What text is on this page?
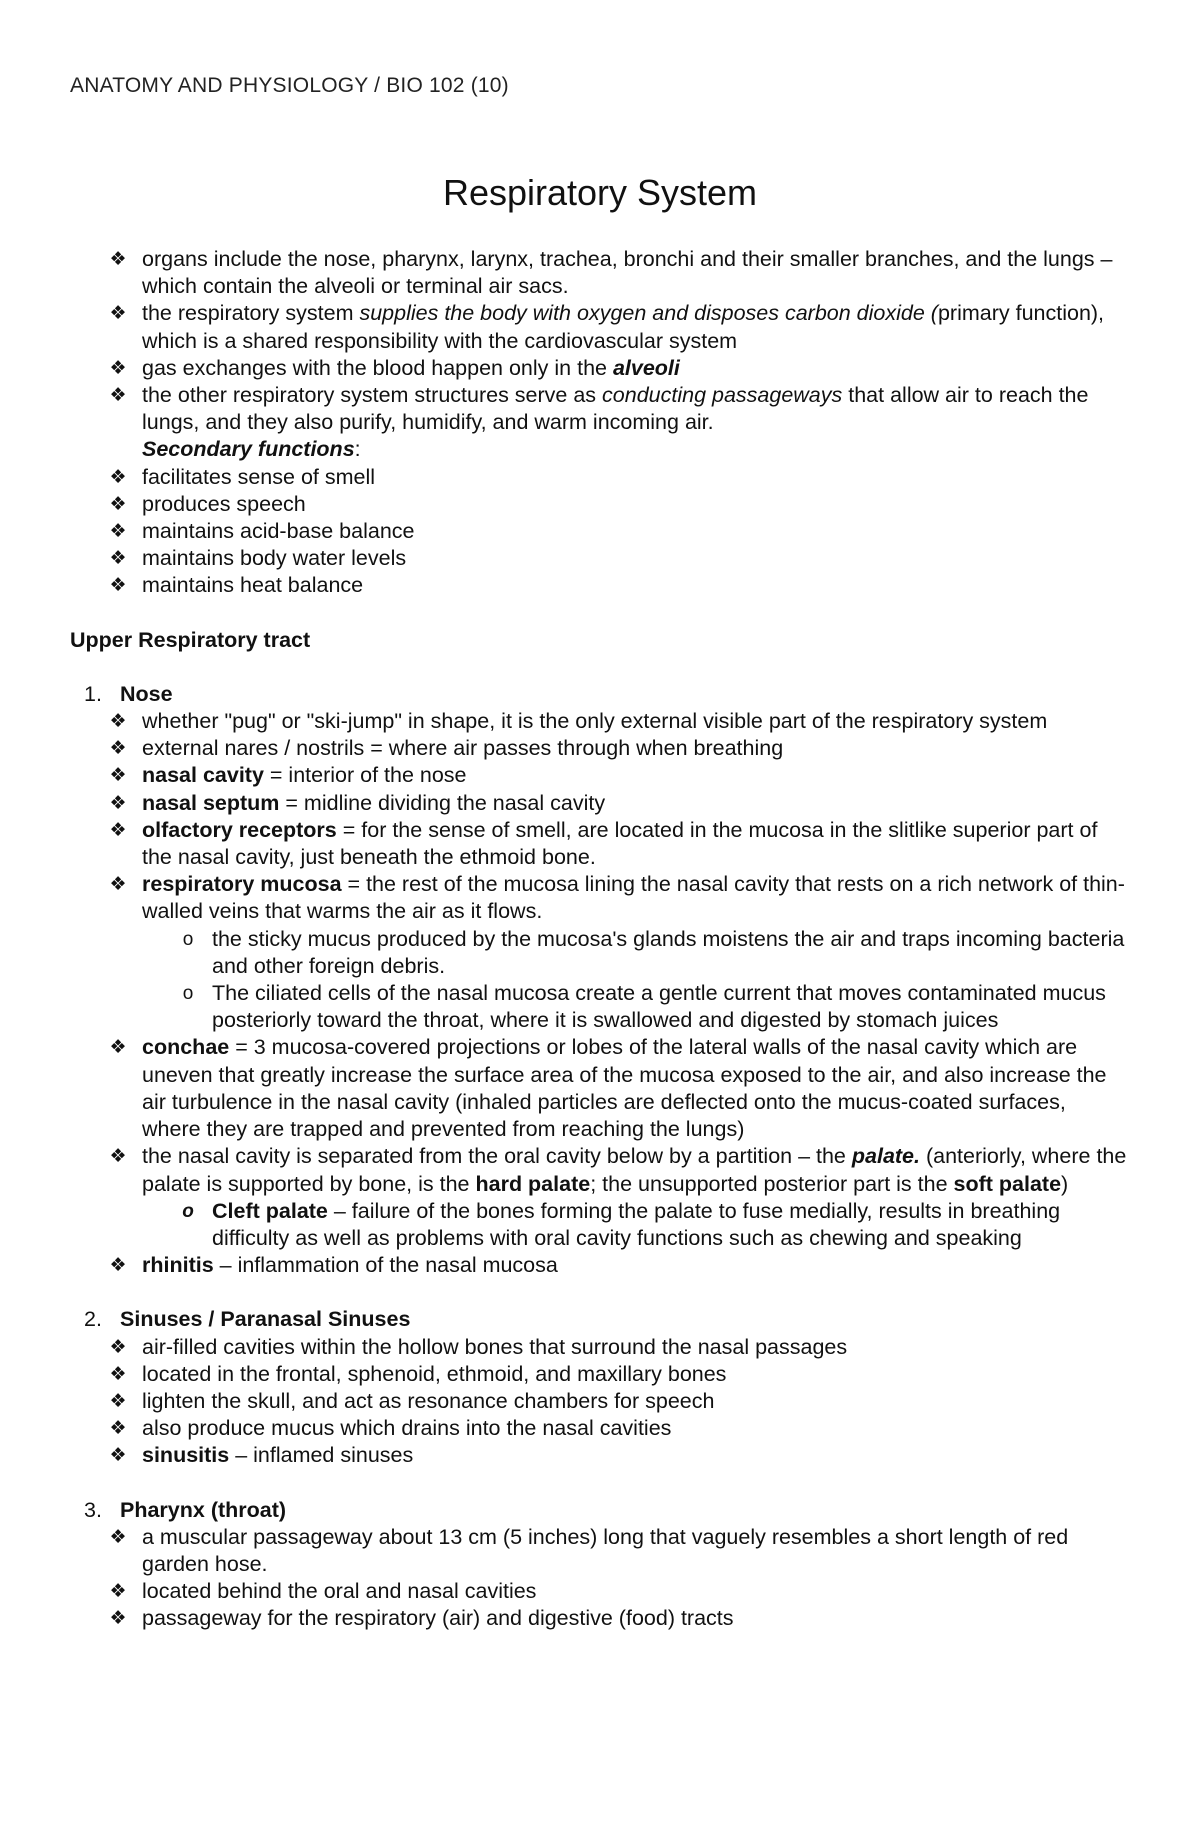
ANATOMY AND PHYSIOLOGY / BIO 102 (10)
Respiratory System
❖ organs include the nose, pharynx, larynx, trachea, bronchi and their smaller branches, and the lungs – which contain the alveoli or terminal air sacs.
❖ the respiratory system supplies the body with oxygen and disposes carbon dioxide (primary function), which is a shared responsibility with the cardiovascular system
❖ gas exchanges with the blood happen only in the alveoli
❖ the other respiratory system structures serve as conducting passageways that allow air to reach the lungs, and they also purify, humidify, and warm incoming air.
Secondary functions:
❖ facilitates sense of smell
❖ produces speech
❖ maintains acid-base balance
❖ maintains body water levels
❖ maintains heat balance
Upper Respiratory tract
1. Nose
❖ whether "pug" or "ski-jump" in shape, it is the only external visible part of the respiratory system
❖ external nares / nostrils = where air passes through when breathing
❖ nasal cavity = interior of the nose
❖ nasal septum = midline dividing the nasal cavity
❖ olfactory receptors = for the sense of smell, are located in the mucosa in the slitlike superior part of the nasal cavity, just beneath the ethmoid bone.
❖ respiratory mucosa = the rest of the mucosa lining the nasal cavity that rests on a rich network of thin-walled veins that warms the air as it flows.
o the sticky mucus produced by the mucosa's glands moistens the air and traps incoming bacteria and other foreign debris.
o The ciliated cells of the nasal mucosa create a gentle current that moves contaminated mucus posteriorly toward the throat, where it is swallowed and digested by stomach juices
❖ conchae = 3 mucosa-covered projections or lobes of the lateral walls of the nasal cavity which are uneven that greatly increase the surface area of the mucosa exposed to the air, and also increase the air turbulence in the nasal cavity (inhaled particles are deflected onto the mucus-coated surfaces, where they are trapped and prevented from reaching the lungs)
❖ the nasal cavity is separated from the oral cavity below by a partition – the palate. (anteriorly, where the palate is supported by bone, is the hard palate; the unsupported posterior part is the soft palate)
o Cleft palate – failure of the bones forming the palate to fuse medially, results in breathing difficulty as well as problems with oral cavity functions such as chewing and speaking
❖ rhinitis – inflammation of the nasal mucosa
2. Sinuses / Paranasal Sinuses
❖ air-filled cavities within the hollow bones that surround the nasal passages
❖ located in the frontal, sphenoid, ethmoid, and maxillary bones
❖ lighten the skull, and act as resonance chambers for speech
❖ also produce mucus which drains into the nasal cavities
❖ sinusitis – inflamed sinuses
3. Pharynx (throat)
❖ a muscular passageway about 13 cm (5 inches) long that vaguely resembles a short length of red garden hose.
❖ located behind the oral and nasal cavities
❖ passageway for the respiratory (air) and digestive (food) tracts
